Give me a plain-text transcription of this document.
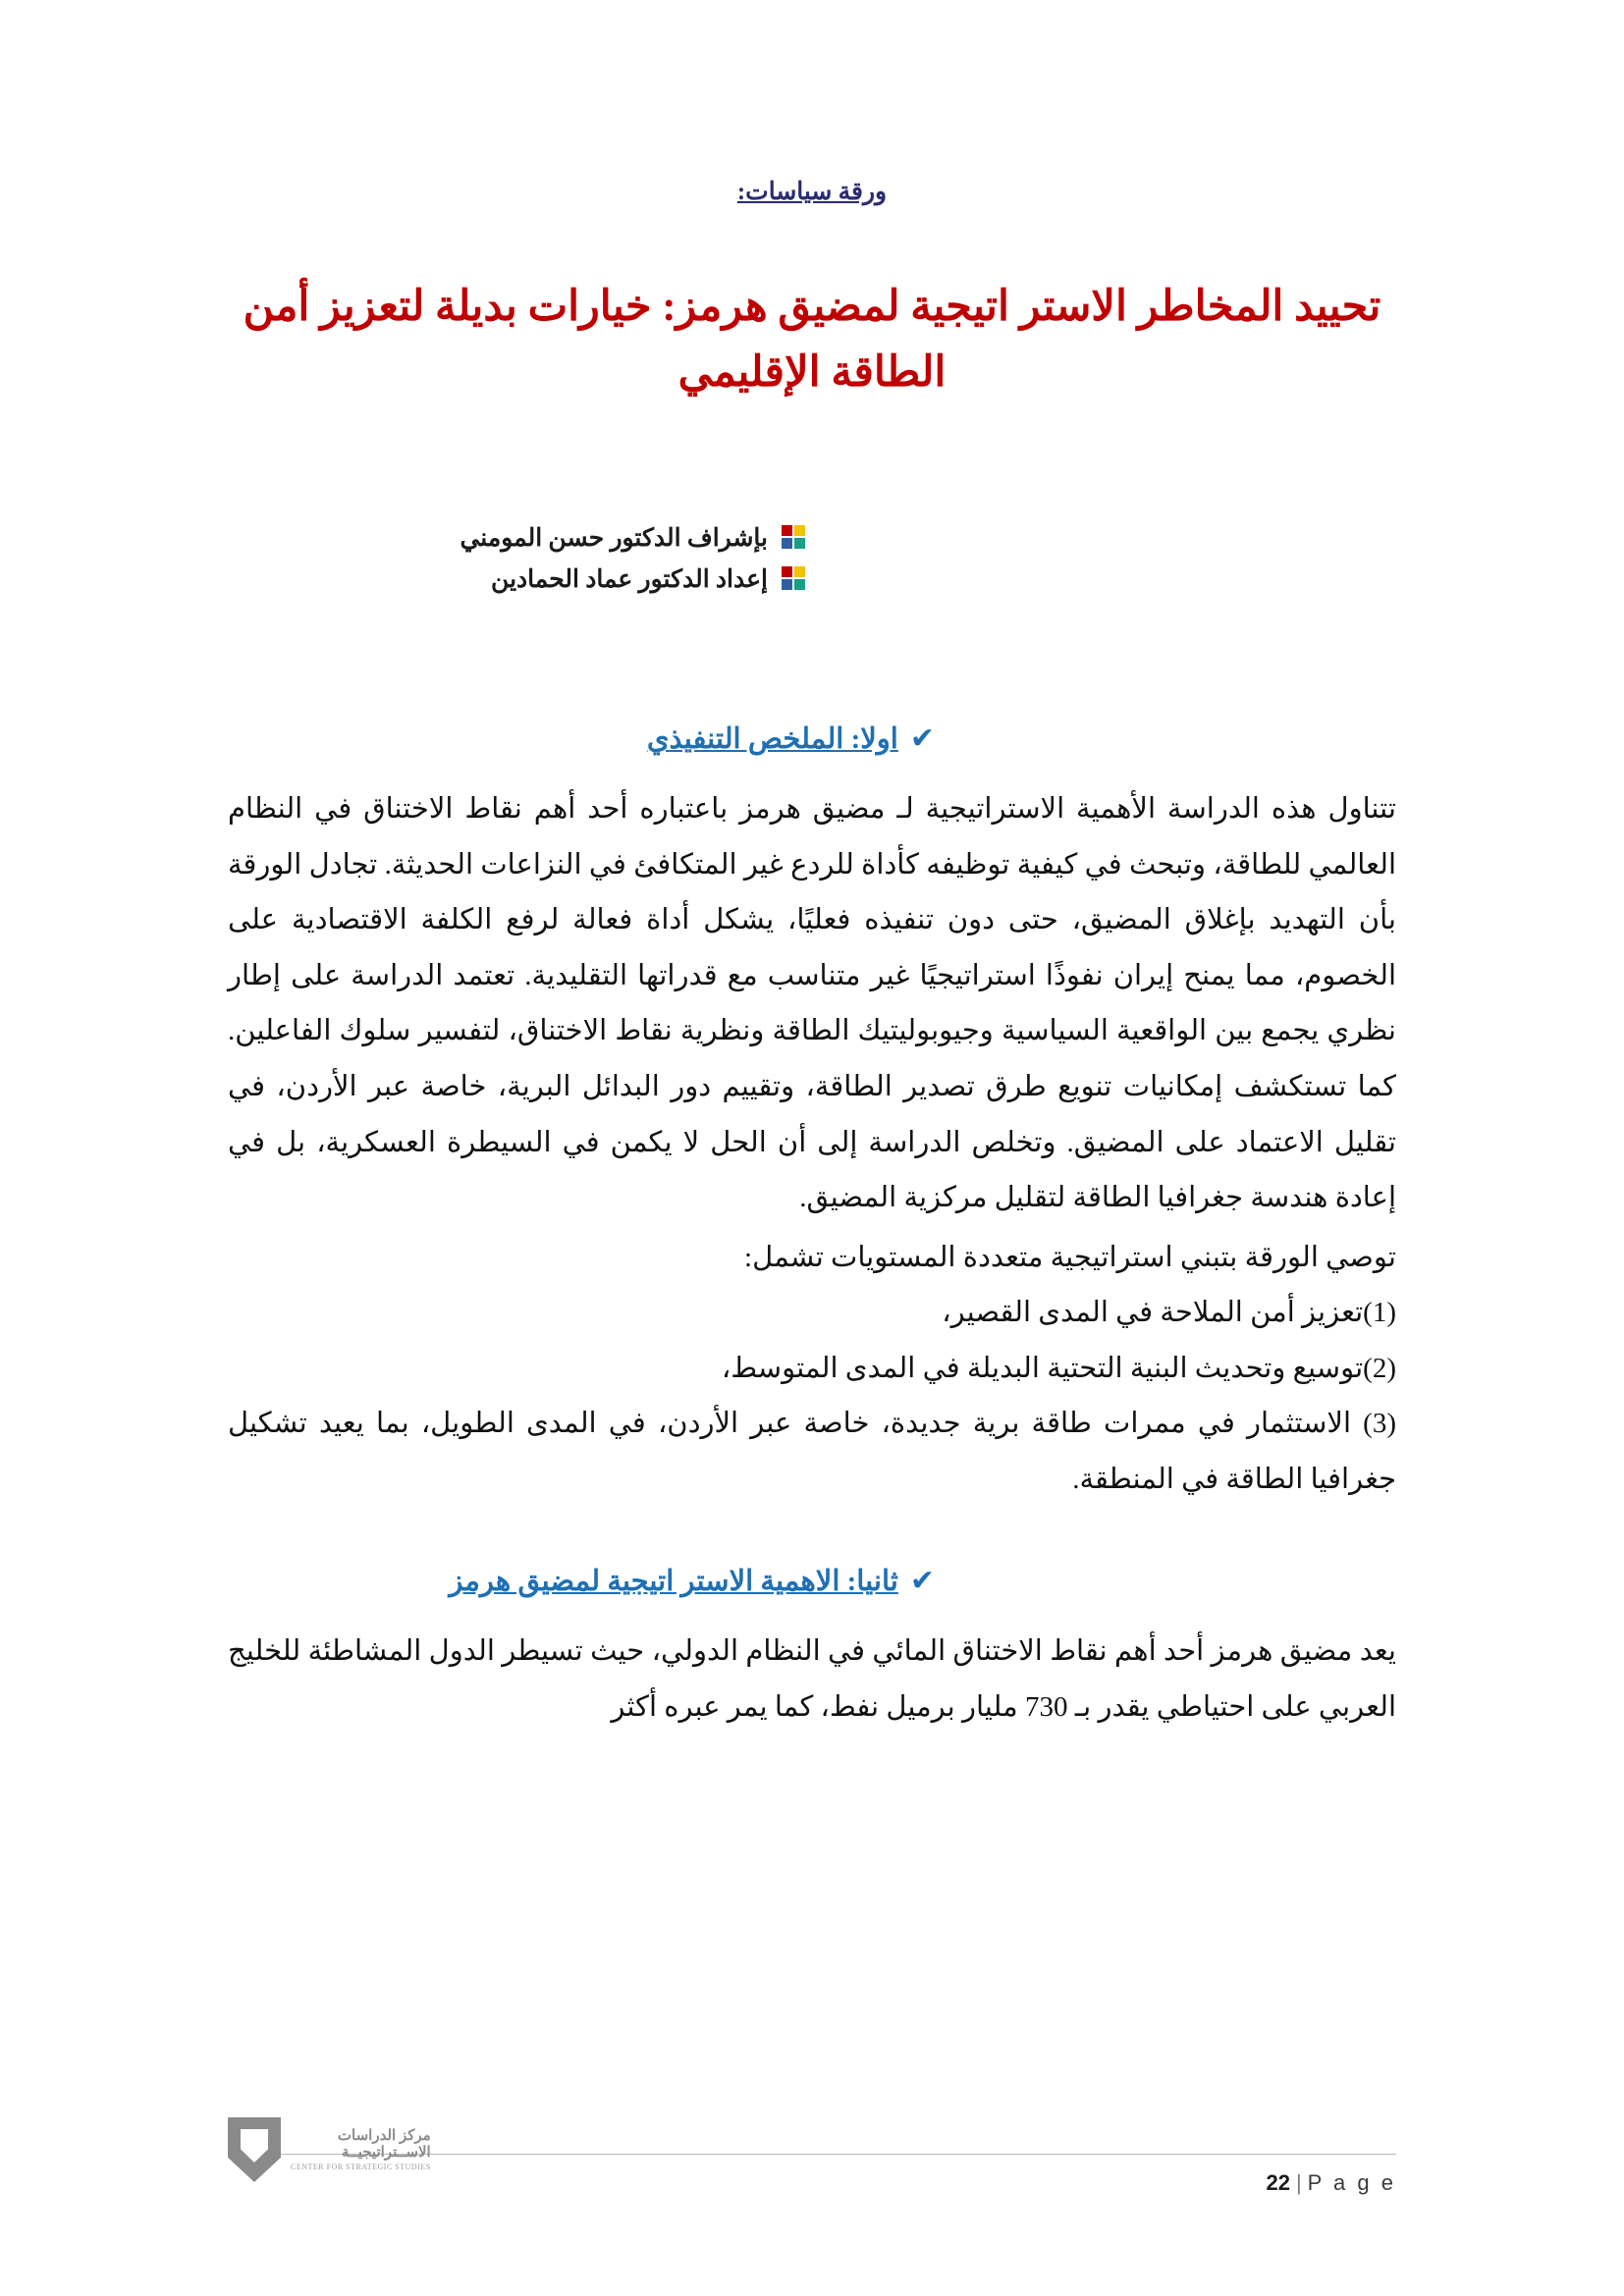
ورقة سياسات:
تحييد المخاطر الاستر اتيجية لمضيق هرمز: خيارات بديلة لتعزيز أمن الطاقة الإقليمي
بإشراف الدكتور حسن المومني
إعداد الدكتور عماد الحمادين
✔
اولا: الملخص التنفيذي

تتناول هذه الدراسة الأهمية الاستراتيجية لـ مضيق هرمز باعتباره أحد أهم نقاط الاختناق في النظام العالمي للطاقة، وتبحث في كيفية توظيفه كأداة للردع غير المتكافئ في النزاعات الحديثة. تجادل الورقة بأن التهديد بإغلاق المضيق، حتى دون تنفيذه فعليًا، يشكل أداة فعالة لرفع الكلفة الاقتصادية على الخصوم، مما يمنح إيران نفوذًا استراتيجيًا غير متناسب مع قدراتها التقليدية. تعتمد الدراسة على إطار نظري يجمع بين الواقعية السياسية وجيوبوليتيك الطاقة ونظرية نقاط الاختناق، لتفسير سلوك الفاعلين. كما تستكشف إمكانيات تنويع طرق تصدير الطاقة، وتقييم دور البدائل البرية، خاصة عبر الأردن، في تقليل الاعتماد على المضيق. وتخلص الدراسة إلى أن الحل لا يكمن في السيطرة العسكرية، بل في إعادة هندسة جغرافيا الطاقة لتقليل مركزية المضيق.

توصي الورقة بتبني استراتيجية متعددة المستويات تشمل:

(1)تعزيز أمن الملاحة في المدى القصير،

(2)توسيع وتحديث البنية التحتية البديلة في المدى المتوسط،

(3) الاستثمار في ممرات طاقة برية جديدة، خاصة عبر الأردن، في المدى الطويل، بما يعيد تشكيل جغرافيا الطاقة في المنطقة.

✔
ثانيا: الاهمية الاستر اتيجية لمضيق هرمز

يعد مضيق هرمز أحد أهم نقاط الاختناق المائي في النظام الدولي، حيث تسيطر الدول المشاطئة للخليج العربي على احتياطي يقدر بـ 730 مليار برميل نفط، كما يمر عبره أكثر

22 | P a g e
مركز الدراسات
الاســتراتيجيــة
CENTER FOR STRATEGIC STUDIES
